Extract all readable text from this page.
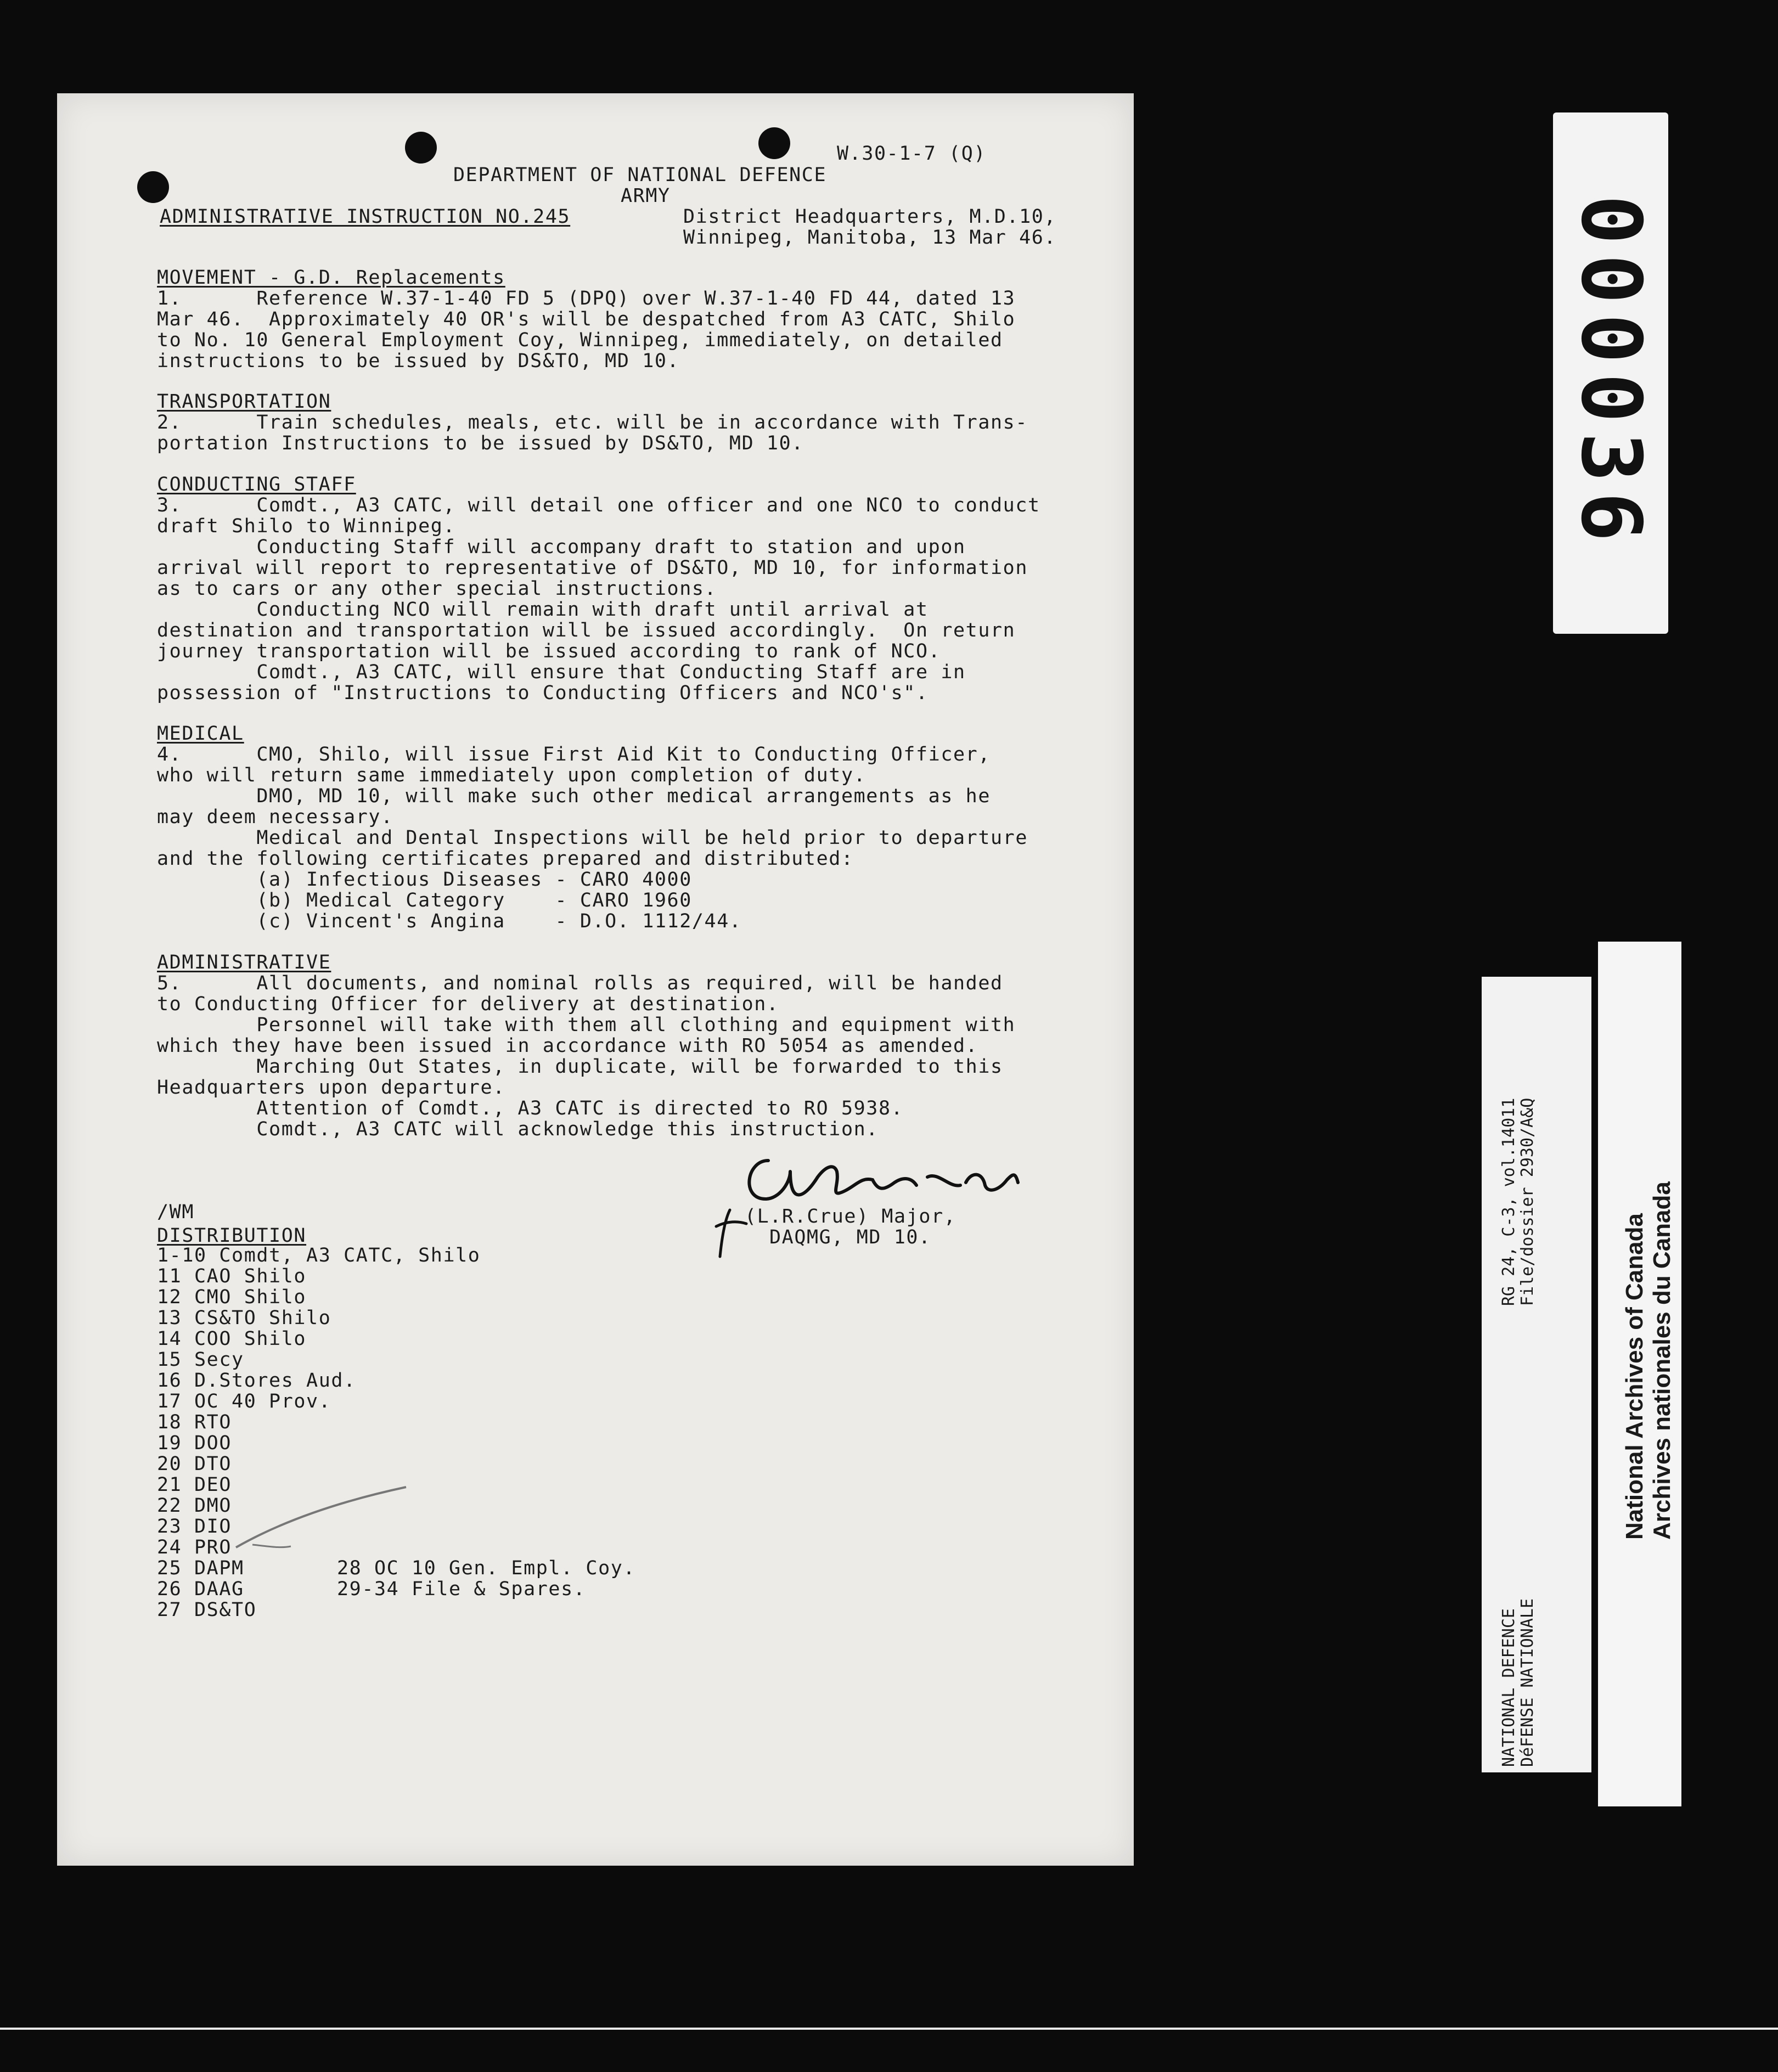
W.30-1-7 (Q)
DEPARTMENT OF NATIONAL DEFENCE
ARMY
ADMINISTRATIVE INSTRUCTION NO.245	District Headquarters, M.D.10,
Winnipeg, Manitoba, 13 Mar 46.
MOVEMENT - G.D. Replacements
1.      Reference W.37-1-40 FD 5 (DPQ) over W.37-1-40 FD 44, dated 13
Mar 46.  Approximately 40 OR's will be despatched from A3 CATC, Shilo
to No. 10 General Employment Coy, Winnipeg, immediately, on detailed
instructions to be issued by DS&TO, MD 10.
TRANSPORTATION
2.      Train schedules, meals, etc. will be in accordance with Trans-
portation Instructions to be issued by DS&TO, MD 10.
CONDUCTING STAFF
3.      Comdt., A3 CATC, will detail one officer and one NCO to conduct
draft Shilo to Winnipeg.
Conducting Staff will accompany draft to station and upon
arrival will report to representative of DS&TO, MD 10, for information
as to cars or any other special instructions.
Conducting NCO will remain with draft until arrival at
destination and transportation will be issued accordingly.  On return
journey transportation will be issued according to rank of NCO.
Comdt., A3 CATC, will ensure that Conducting Staff are in
possession of "Instructions to Conducting Officers and NCO's".
MEDICAL
4.      CMO, Shilo, will issue First Aid Kit to Conducting Officer,
who will return same immediately upon completion of duty.
DMO, MD 10, will make such other medical arrangements as he
may deem necessary.
Medical and Dental Inspections will be held prior to departure
and the following certificates prepared and distributed:
(a) Infectious Diseases - CARO 4000
(b) Medical Category    - CARO 1960
(c) Vincent's Angina    - D.O. 1112/44.
ADMINISTRATIVE
5.      All documents, and nominal rolls as required, will be handed
to Conducting Officer for delivery at destination.
Personnel will take with them all clothing and equipment with
which they have been issued in accordance with RO 5054 as amended.
Marching Out States, in duplicate, will be forwarded to this
Headquarters upon departure.
Attention of Comdt., A3 CATC is directed to RO 5938.
Comdt., A3 CATC will acknowledge this instruction.
(L.R.Crue) Major,
DAQMG, MD 10.
/WM
DISTRIBUTION
1-10 Comdt, A3 CATC, Shilo
11 CAO Shilo
12 CMO Shilo
13 CS&TO Shilo
14 COO Shilo
15 Secy
16 D.Stores Aud.
17 OC 40 Prov.
18 RTO
19 DOO
20 DTO
21 DEO
22 DMO
23 DIO
24 PRO
25 DAPM
26 DAAG
27 DS&TO
28 OC 10 Gen. Empl. Coy.
29-34 File & Spares.
000036
RG 24, C-3, vol.14011 File/dossier 2930/A&Q
NATIONAL DEFENCE DéFENSE NATIONALE
National Archives of Canada Archives nationales du Canada
